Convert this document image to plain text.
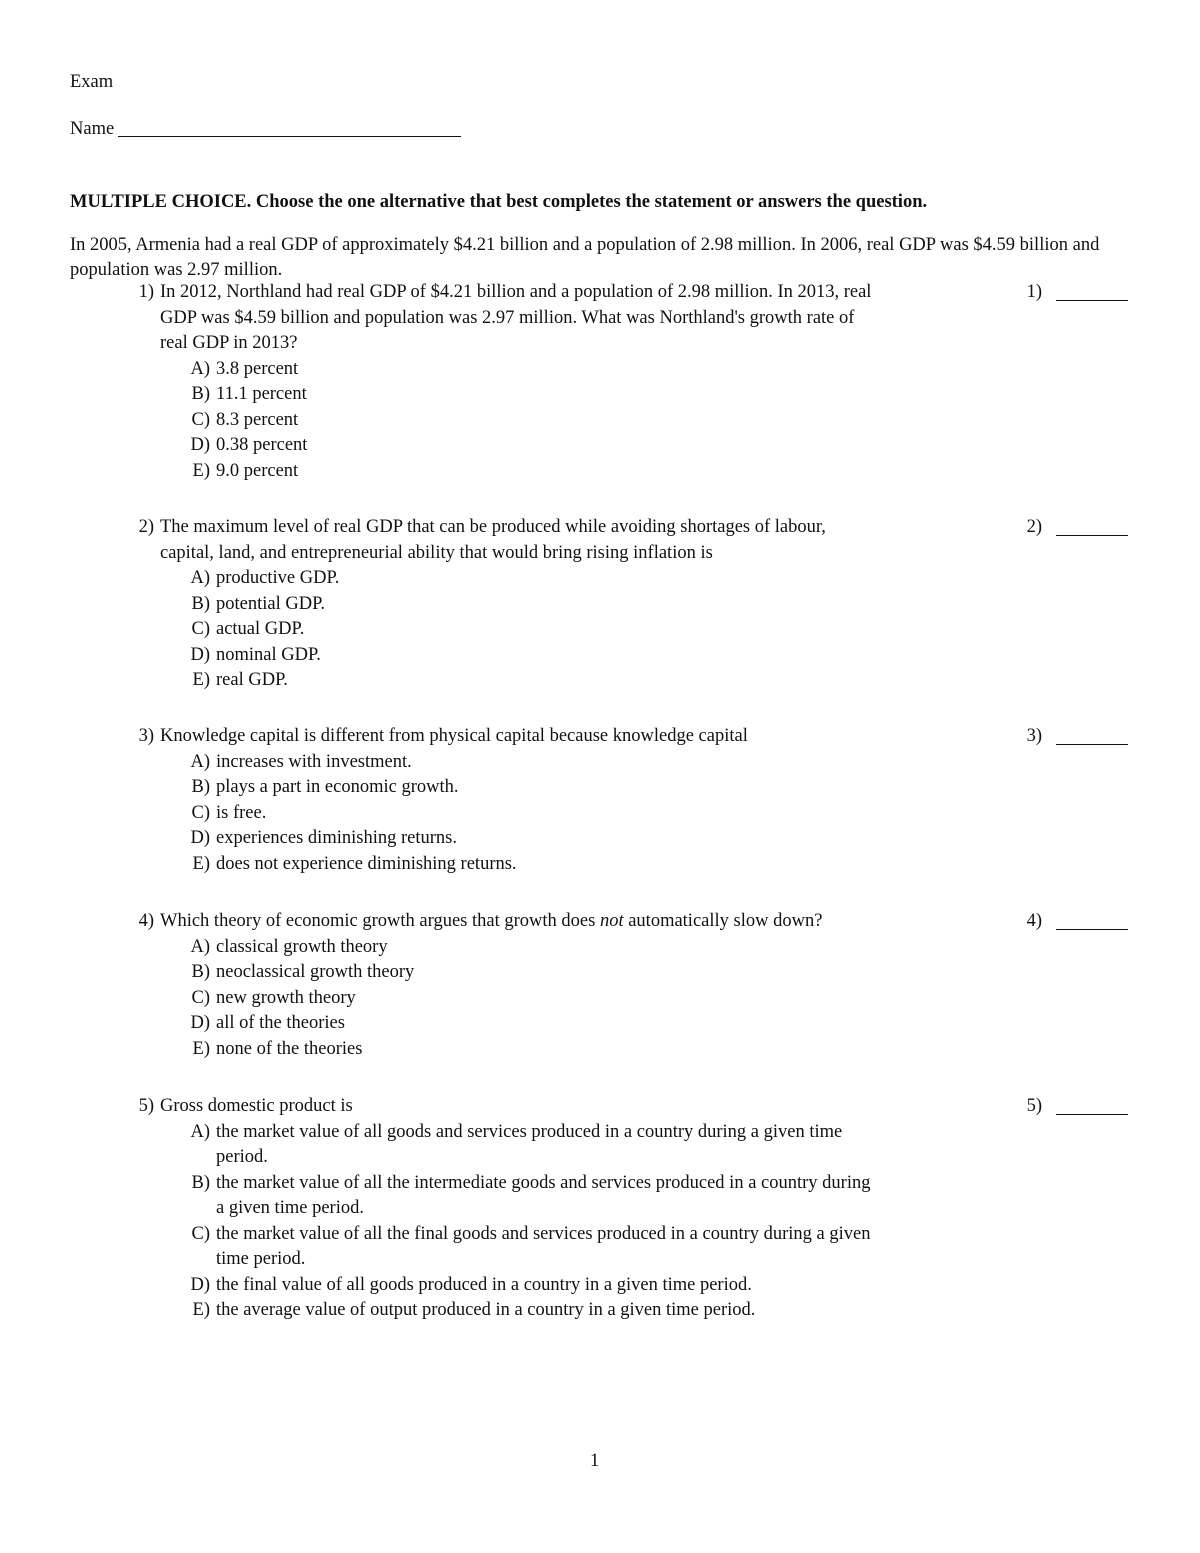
Exam
Name
MULTIPLE CHOICE. Choose the one alternative that best completes the statement or answers the question.
In 2005, Armenia had a real GDP of approximately $4.21 billion and a population of 2.98 million. In 2006, real GDP was $4.59 billion and population was 2.97 million.
1)	1)
In 2012, Northland had real GDP of $4.21 billion and a population of 2.98 million. In 2013, real
GDP was $4.59 billion and population was 2.97 million. What was Northland's growth rate of
real GDP in 2013?
A) 3.8 percent
B) 11.1 percent
C) 8.3 percent
D) 0.38 percent
E) 9.0 percent
2)	2)
The maximum level of real GDP that can be produced while avoiding shortages of labour,
capital, land, and entrepreneurial ability that would bring rising inflation is
A) productive GDP.
B) potential GDP.
C) actual GDP.
D) nominal GDP.
E) real GDP.
3)	3)
Knowledge capital is different from physical capital because knowledge capital
A) increases with investment.
B) plays a part in economic growth.
C) is free.
D) experiences diminishing returns.
E) does not experience diminishing returns.
4)	4)
Which theory of economic growth argues that growth does not automatically slow down?
A) classical growth theory
B) neoclassical growth theory
C) new growth theory
D) all of the theories
E) none of the theories
5)	5)
Gross domestic product is
A) the market value of all goods and services produced in a country during a given time
period.
B) the market value of all the intermediate goods and services produced in a country during
a given time period.
C) the market value of all the final goods and services produced in a country during a given
time period.
D) the final value of all goods produced in a country in a given time period.
E) the average value of output produced in a country in a given time period.
1
